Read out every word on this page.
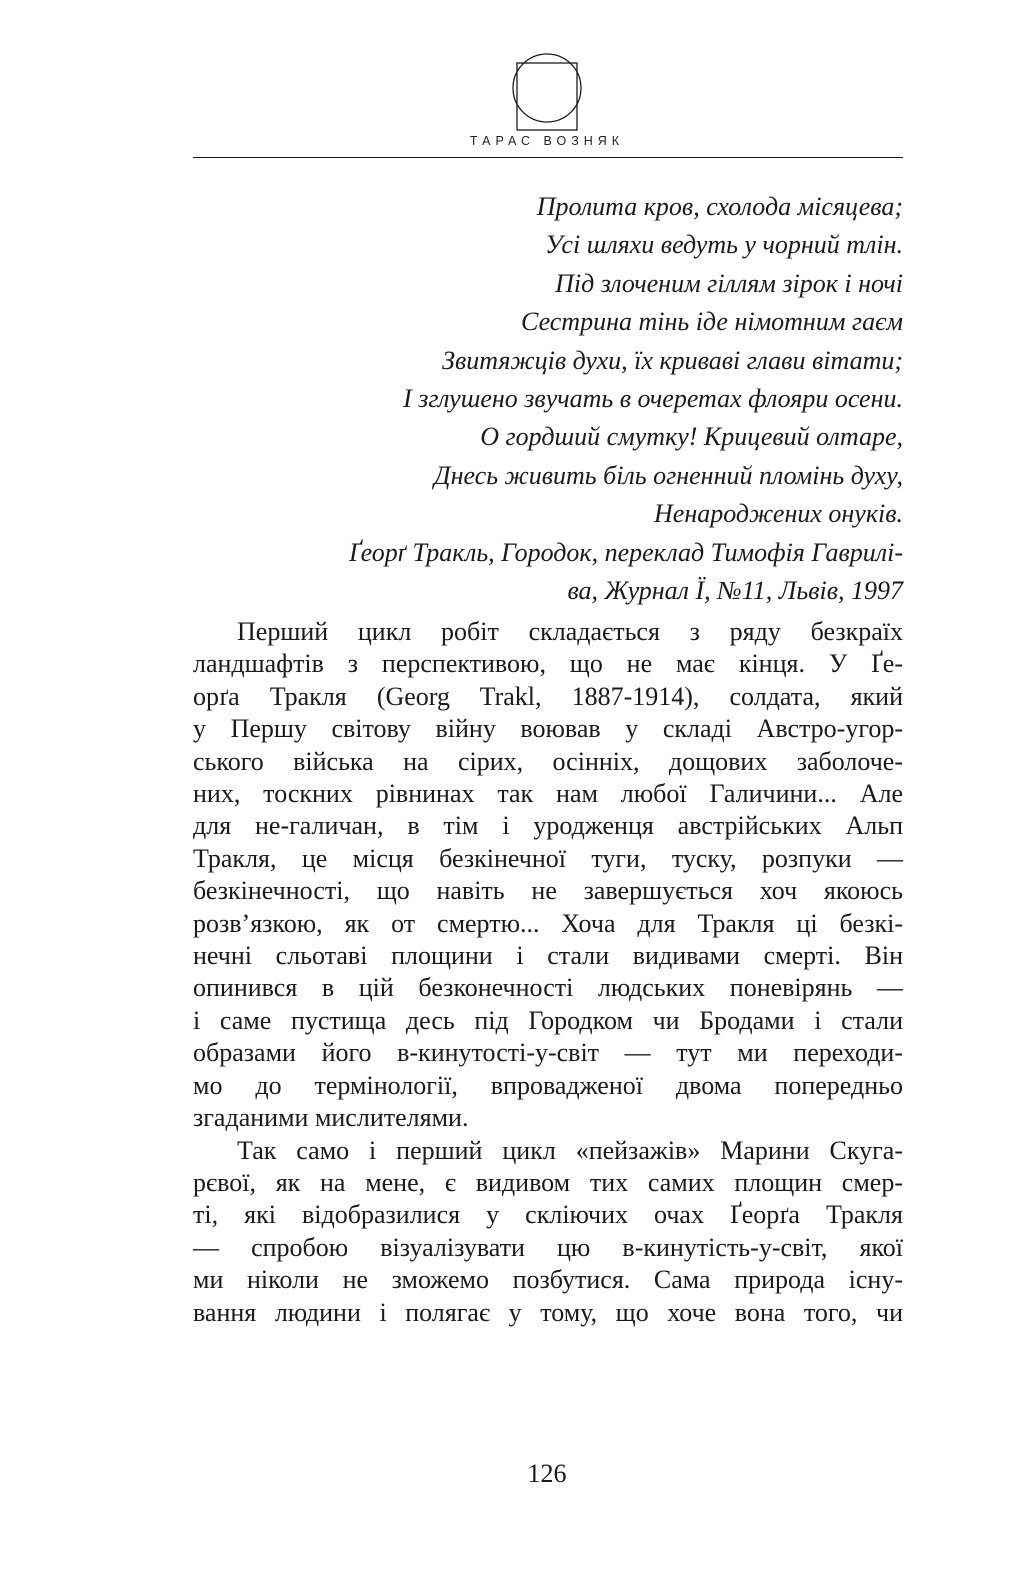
ТАРАС ВОЗНЯК
Пролита кров, схолода місяцева;
Усі шляхи ведуть у чорний тлін.
Під злоченим гіллям зірок і ночі
Сестрина тінь іде німотним гаєм
Звитяжців духи, їх криваві глави вітати;
І зглушено звучать в очеретах флояри осени.
О гордший смутку! Крицевий олтаре,
Днесь живить біль огненний пломінь духу,
Ненароджених онуків.
Ґеорґ Тракль, Городок, переклад Тимофія Гаврилі-
ва, Журнал Ї, №11, Львів, 1997
Перший цикл робіт складається з ряду безкраїх
ландшафтів з перспективою, що не має кінця. У Ґе-
орґа Тракля (Georg Trakl, 1887-1914), солдата, який
у Першу світову війну воював у складі Австро-угор-
ського війська на сірих, осінніх, дощових заболоче-
них, тоскних рівнинах так нам любої Галичини... Але
для не-галичан, в тім і уродженця австрійських Альп
Тракля, це місця безкінечної туги, туску, розпуки —
безкінечності, що навіть не завершується хоч якоюсь
розв’язкою, як от смертю... Хоча для Тракля ці безкі-
нечні сльотаві площини і стали видивами смерті. Він
опинився в цій безконечності людських поневірянь —
і саме пустища десь під Городком чи Бродами і стали
образами його в-кинутості-у-світ — тут ми переходи-
мо до термінології, впровадженої двома попередньо
згаданими мислителями.
Так само і перший цикл «пейзажів» Марини Скуга-
рєвої, як на мене, є видивом тих самих площин смер-
ті, які відобразилися у скліючих очах Ґеорґа Тракля
— спробою візуалізувати цю в-кинутість-у-світ, якої
ми ніколи не зможемо позбутися. Сама природа існу-
вання людини і полягає у тому, що хоче вона того, чи
126
